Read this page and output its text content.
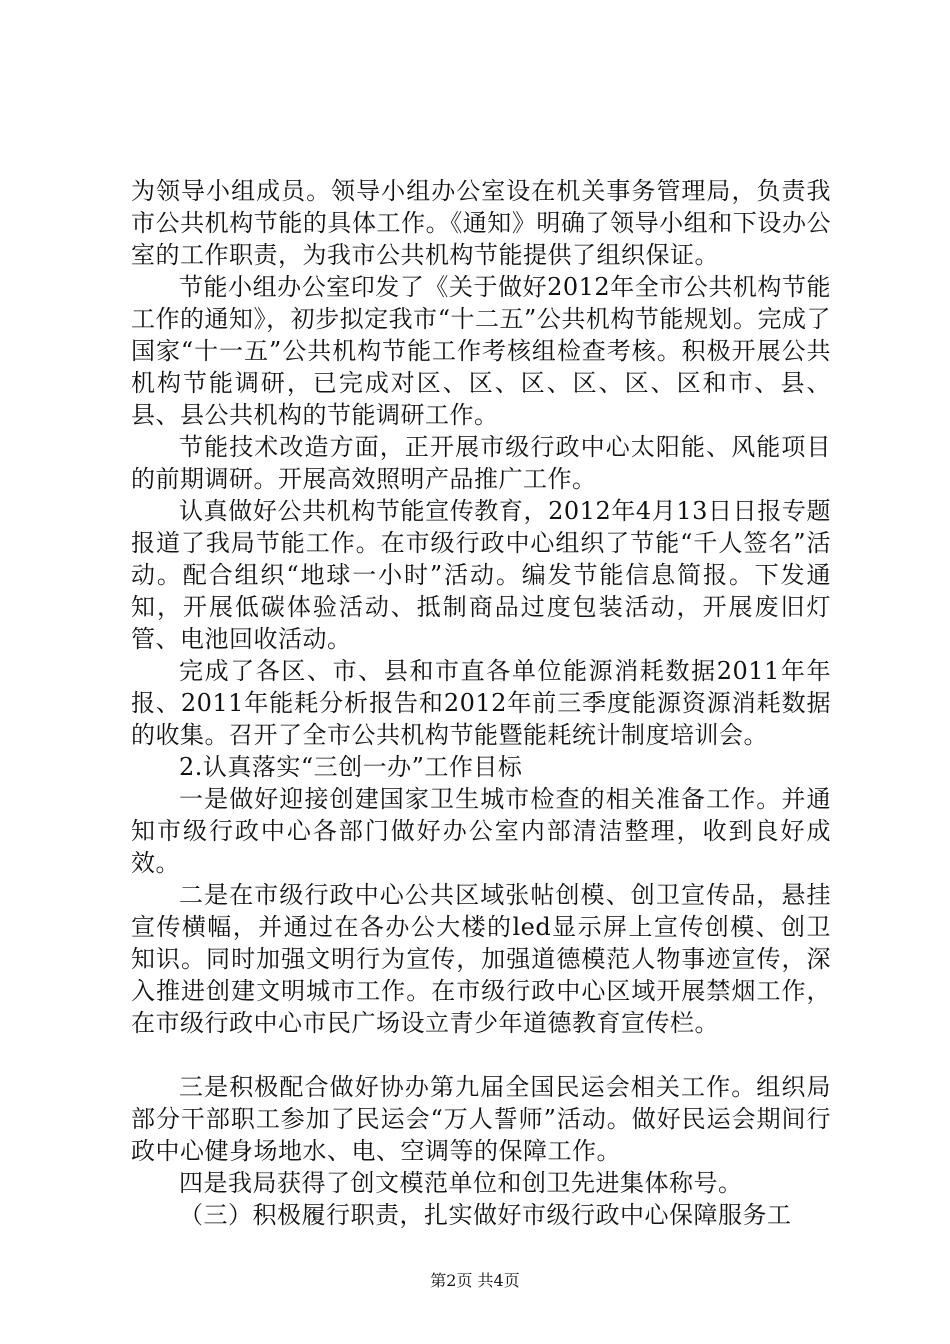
为领导小组成员。领导小组办公室设在机关事务管理局，负责我市公共机构节能的具体工作。《通知》明确了领导小组和下设办公室的工作职责，为我市公共机构节能提供了组织保证。

节能小组办公室印发了《关于做好2012年全市公共机构节能工作的通知》，初步拟定我市“十二五”公共机构节能规划。完成了国家“十一五”公共机构节能工作考核组检查考核。积极开展公共机构节能调研，已完成对区、区、区、区、区、区和市、县、县、县公共机构的节能调研工作。

节能技术改造方面，正开展市级行政中心太阳能、风能项目的前期调研。开展高效照明产品推广工作。

认真做好公共机构节能宣传教育，2012年4月13日日报专题报道了我局节能工作。在市级行政中心组织了节能“千人签名”活动。配合组织“地球一小时”活动。编发节能信息简报。下发通知，开展低碳体验活动、抵制商品过度包装活动，开展废旧灯管、电池回收活动。

完成了各区、市、县和市直各单位能源消耗数据2011年年报、2011年能耗分析报告和2012年前三季度能源资源消耗数据的收集。召开了全市公共机构节能暨能耗统计制度培训会。

2.认真落实“三创一办”工作目标

一是做好迎接创建国家卫生城市检查的相关准备工作。并通知市级行政中心各部门做好办公室内部清洁整理，收到良好成效。

二是在市级行政中心公共区域张帖创模、创卫宣传品，悬挂宣传横幅，并通过在各办公大楼的led显示屏上宣传创模、创卫知识。同时加强文明行为宣传，加强道德模范人物事迹宣传，深入推进创建文明城市工作。在市级行政中心区域开展禁烟工作，在市级行政中心市民广场设立青少年道德教育宣传栏。

三是积极配合做好协办第九届全国民运会相关工作。组织局部分干部职工参加了民运会“万人誓师”活动。做好民运会期间行政中心健身场地水、电、空调等的保障工作。

四是我局获得了创文模范单位和创卫先进集体称号。

（三）积极履行职责，扎实做好市级行政中心保障服务工

第2页 共4页
